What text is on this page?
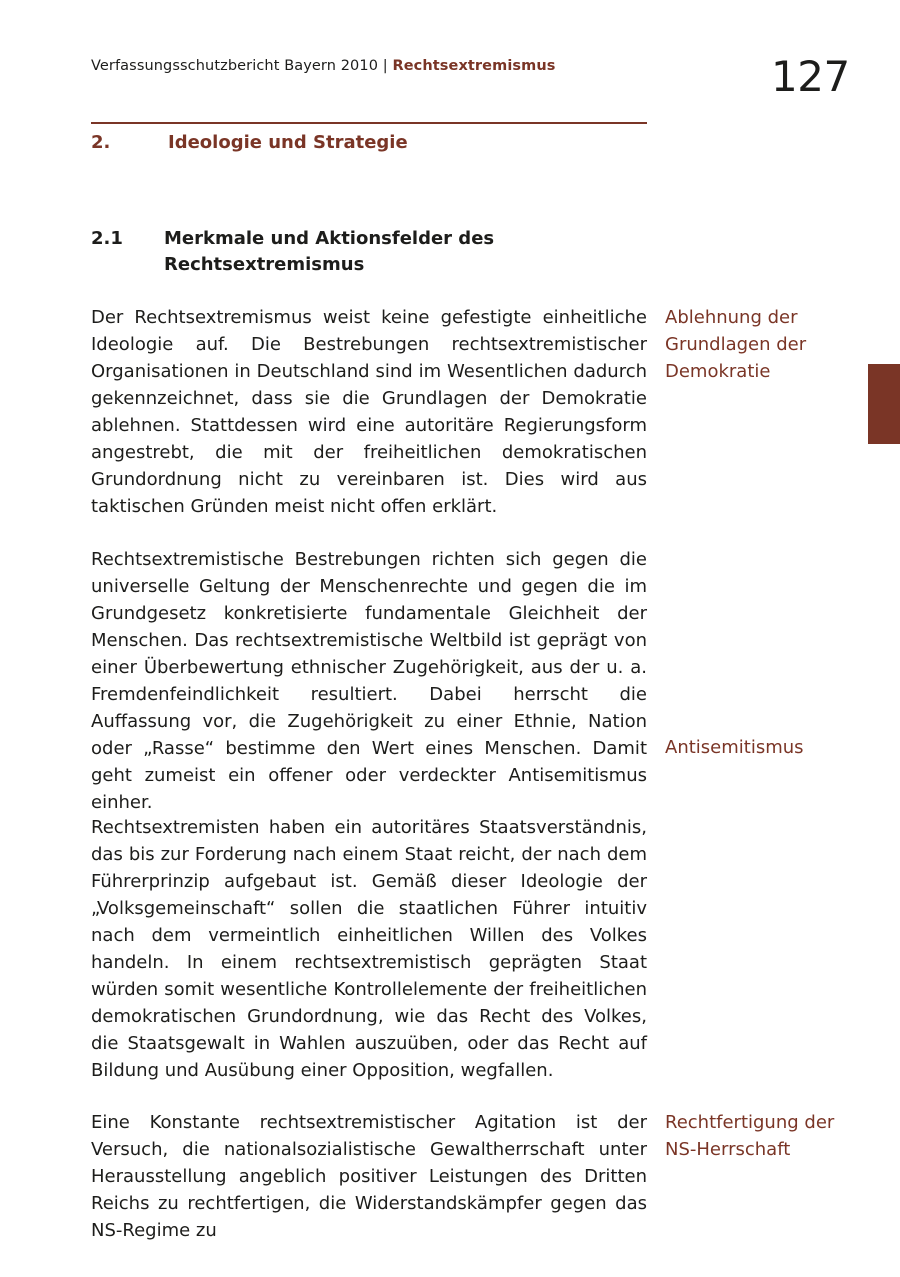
Verfassungsschutzbericht Bayern 2010 | Rechtsextremismus	127
2.	Ideologie und Strategie
2.1 Merkmale und Aktionsfelder des Rechtsextremismus

Der Rechtsextremismus weist keine gefestigte einheitliche Ideologie auf. Die Bestrebungen rechtsextremistischer Organisationen in Deutschland sind im Wesentlichen dadurch gekennzeichnet, dass sie die Grundlagen der Demokratie ablehnen. Stattdessen wird eine autoritäre Regierungsform angestrebt, die mit der freiheitlichen demokratischen Grundordnung nicht zu vereinbaren ist. Dies wird aus taktischen Gründen meist nicht offen erklärt.

Rechtsextremistische Bestrebungen richten sich gegen die universelle Geltung der Menschenrechte und gegen die im Grundgesetz konkretisierte fundamentale Gleichheit der Menschen. Das rechtsextremistische Weltbild ist geprägt von einer Überbewertung ethnischer Zugehörigkeit, aus der u. a. Fremdenfeindlichkeit resultiert. Dabei herrscht die Auffassung vor, die Zugehörigkeit zu einer Ethnie, Nation oder „Rasse“ bestimme den Wert eines Menschen. Damit geht zumeist ein offener oder verdeckter Antisemitismus einher.

Rechtsextremisten haben ein autoritäres Staatsverständnis, das bis zur Forderung nach einem Staat reicht, der nach dem Führerprinzip aufgebaut ist. Gemäß dieser Ideologie der „Volksgemeinschaft“ sollen die staatlichen Führer intuitiv nach dem vermeintlich einheitlichen Willen des Volkes handeln. In einem rechtsextremistisch geprägten Staat würden somit wesentliche Kontrollelemente der freiheitlichen demokratischen Grundordnung, wie das Recht des Volkes, die Staatsgewalt in Wahlen auszuüben, oder das Recht auf Bildung und Ausübung einer Opposition, wegfallen.

Eine Konstante rechtsextremistischer Agitation ist der Versuch, die nationalsozialistische Gewaltherrschaft unter Herausstellung angeblich positiver Leistungen des Dritten Reichs zu rechtfertigen, die Widerstandskämpfer gegen das NS-Regime zu

Ablehnung der Grundlagen der Demokratie
Antisemitismus
Rechtfertigung der NS-Herrschaft
